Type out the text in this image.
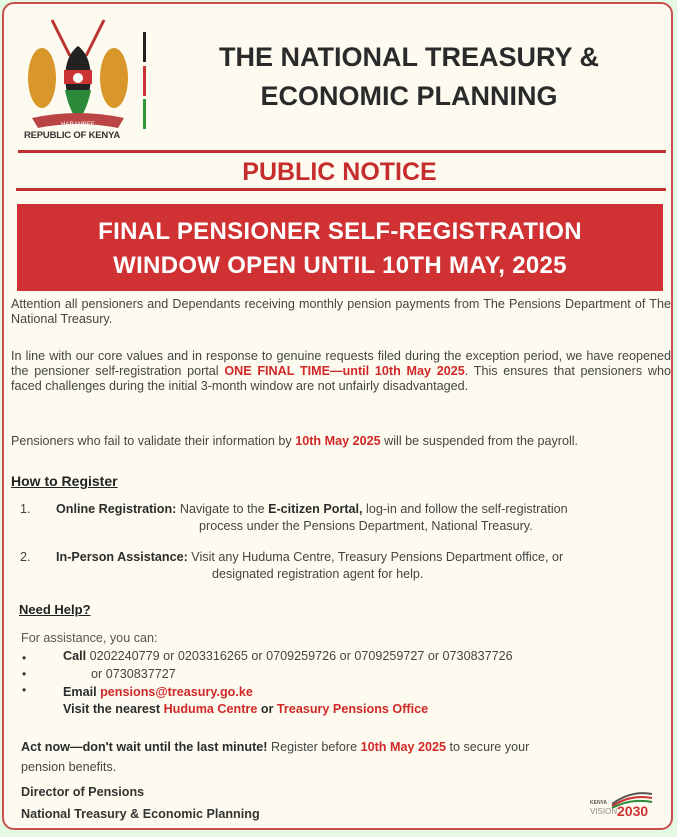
HARAMBEE
REPUBLIC OF KENYA
THE NATIONAL TREASURY &
ECONOMIC PLANNING
PUBLIC NOTICE
FINAL PENSIONER SELF-REGISTRATION
WINDOW OPEN UNTIL 10TH MAY, 2025
Attention all pensioners and Dependants receiving monthly pension payments from The Pensions Department of The National Treasury.
In line with our core values and in response to genuine requests filed during the exception period, we have reopened the pensioner self-registration portal ONE FINAL TIME—until 10th May 2025. This ensures that pensioners who faced challenges during the initial 3-month window are not unfairly disadvantaged.
Pensioners who fail to validate their information by 10th May 2025 will be suspended from the payroll.
How to Register
1. Online Registration: Navigate to the E-citizen Portal, log-in and follow the self-registration
process under the Pensions Department, National Treasury.
2. In-Person Assistance: Visit any Huduma Centre, Treasury Pensions Department office, or
designated registration agent for help.
Need Help?
For assistance, you can:
•
•
•
Call 0202240779 or 0203316265 or 0709259726 or 0709259727 or 0730837726
or 0730837727
Email pensions@treasury.go.ke
Visit the nearest Huduma Centre or Treasury Pensions Office
Act now—don't wait until the last minute! Register before 10th May 2025 to secure your
pension benefits.
Director of Pensions
National Treasury & Economic Planning
KENYA
VISION 2030
